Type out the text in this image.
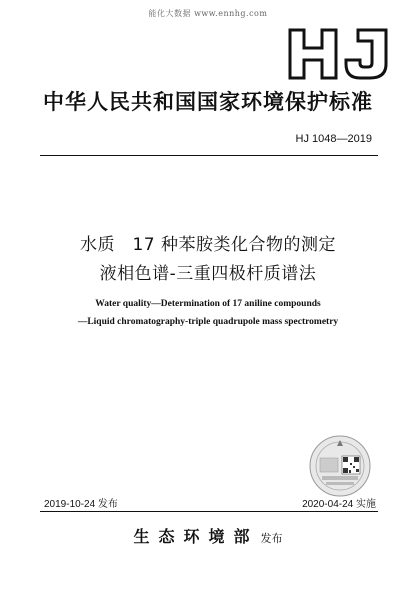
能化大数据 www.ennhg.com
中华人民共和国国家环境保护标准
HJ 1048—2019
水质　17 种苯胺类化合物的测定
液相色谱-三重四极杆质谱法
Water quality—Determination of 17 aniline compounds
—Liquid chromatography-triple quadrupole mass spectrometry
2019-10-24 发布	2020-04-24 实施
生态环境部 发布
